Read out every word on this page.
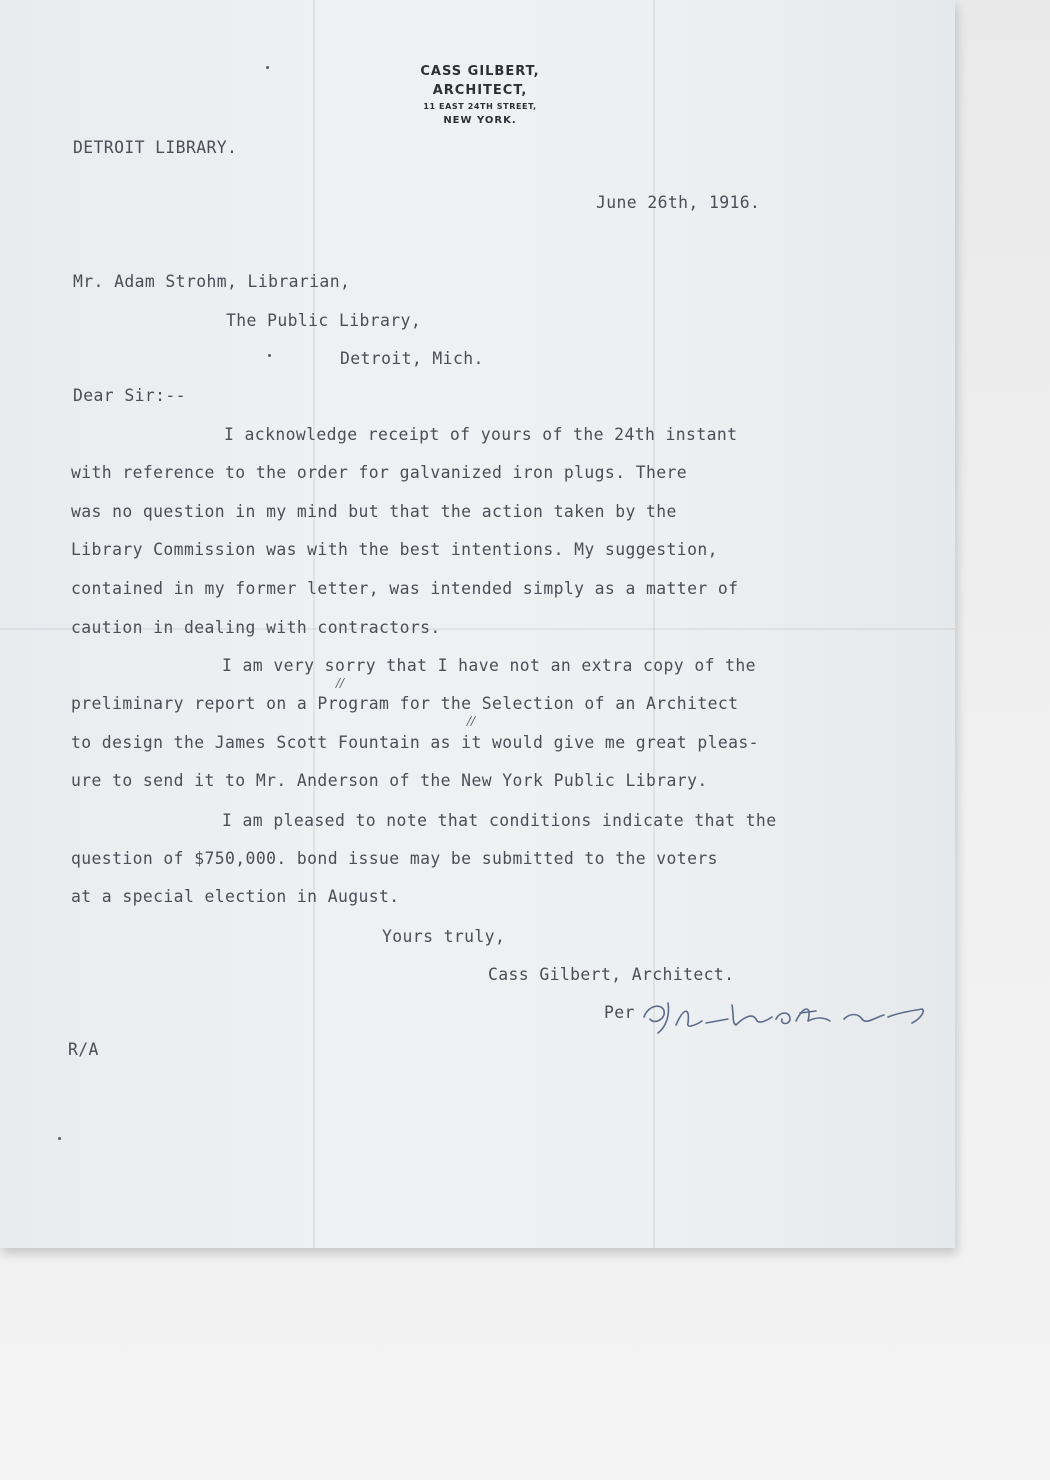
CASS GILBERT,
ARCHITECT,
11 EAST 24TH STREET,
NEW YORK.
DETROIT LIBRARY.
June 26th, 1916.
Mr. Adam Strohm, Librarian,
The Public Library,
Detroit, Mich.
Dear Sir:--
I acknowledge receipt of yours of the 24th instant
with reference to the order for galvanized iron plugs. There
was no question in my mind but that the action taken by the
Library Commission was with the best intentions. My suggestion,
contained in my former letter, was intended simply as a matter of
caution in dealing with contractors.
I am very sorry that I have not an extra copy of the
//
preliminary report on a Program for the Selection of an Architect
//
to design the James Scott Fountain as it would give me great pleas-
ure to send it to Mr. Anderson of the New York Public Library.
I am pleased to note that conditions indicate that the
question of $750,000. bond issue may be submitted to the voters
at a special election in August.
Yours truly,
Cass Gilbert, Architect.
Per
R/A
